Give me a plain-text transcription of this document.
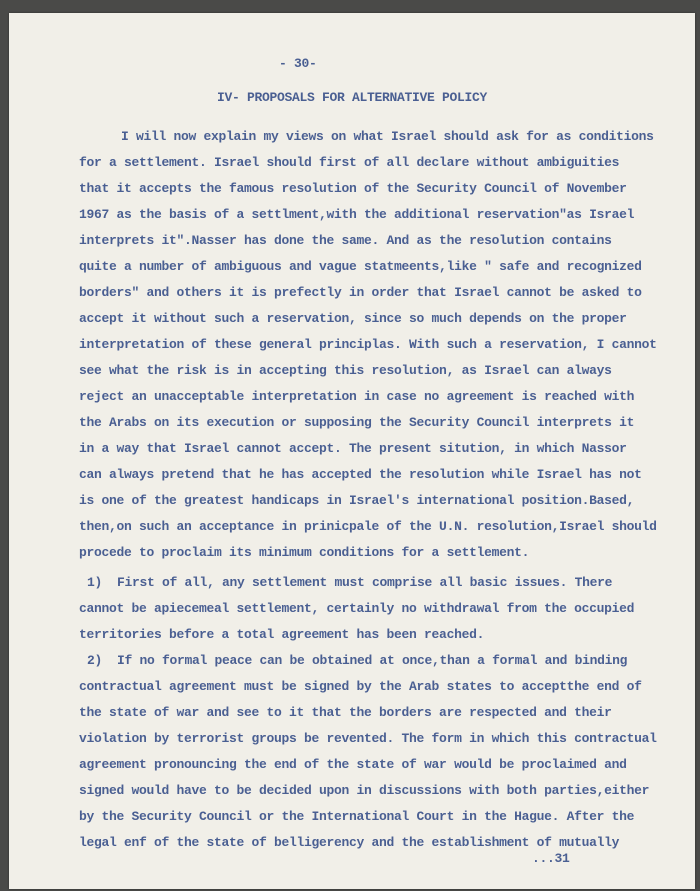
- 30-
IV- PROPOSALS FOR ALTERNATIVE POLICY
I will now explain my views on what Israel should ask for as conditions
for a settlement. Israel should first of all declare without ambiguities
that it accepts the famous resolution of the Security Council of November
1967 as the basis of a settlment,with the additional reservation"as Israel
interprets it".Nasser has done the same. And as the resolution contains
quite a number of ambiguous and vague statmeents,like " safe and recognized
borders" and others it is prefectly in order that Israel cannot be asked to
accept it without such a reservation, since so much depends on the proper
interpretation of these general principlas. With such a reservation, I cannot
see what the risk is in accepting this resolution, as Israel can always
reject an unacceptable interpretation in case no agreement is reached with
the Arabs on its execution or supposing the Security Council interprets it
in a way that Israel cannot accept. The present sitution, in which Nassor
can always pretend that he has accepted the resolution while Israel has not
is one of the greatest handicaps in Israel's international position.Based,
then,on such an acceptance in prinicpale of the U.N. resolution,Israel should
procede to proclaim its minimum conditions for a settlement.
1)  First of all, any settlement must comprise all basic issues. There
cannot be apiecemeal settlement, certainly no withdrawal from the occupied
territories before a total agreement has been reached.
2)  If no formal peace can be obtained at once,than a formal and binding
contractual agreement must be signed by the Arab states to acceptthe end of
the state of war and see to it that the borders are respected and their
violation by terrorist groups be revented. The form in which this contractual
agreement pronouncing the end of the state of war would be proclaimed and
signed would have to be decided upon in discussions with both parties,either
by the Security Council or the International Court in the Hague. After the
legal enf of the state of belligerency and the establishment of mutually
...31
